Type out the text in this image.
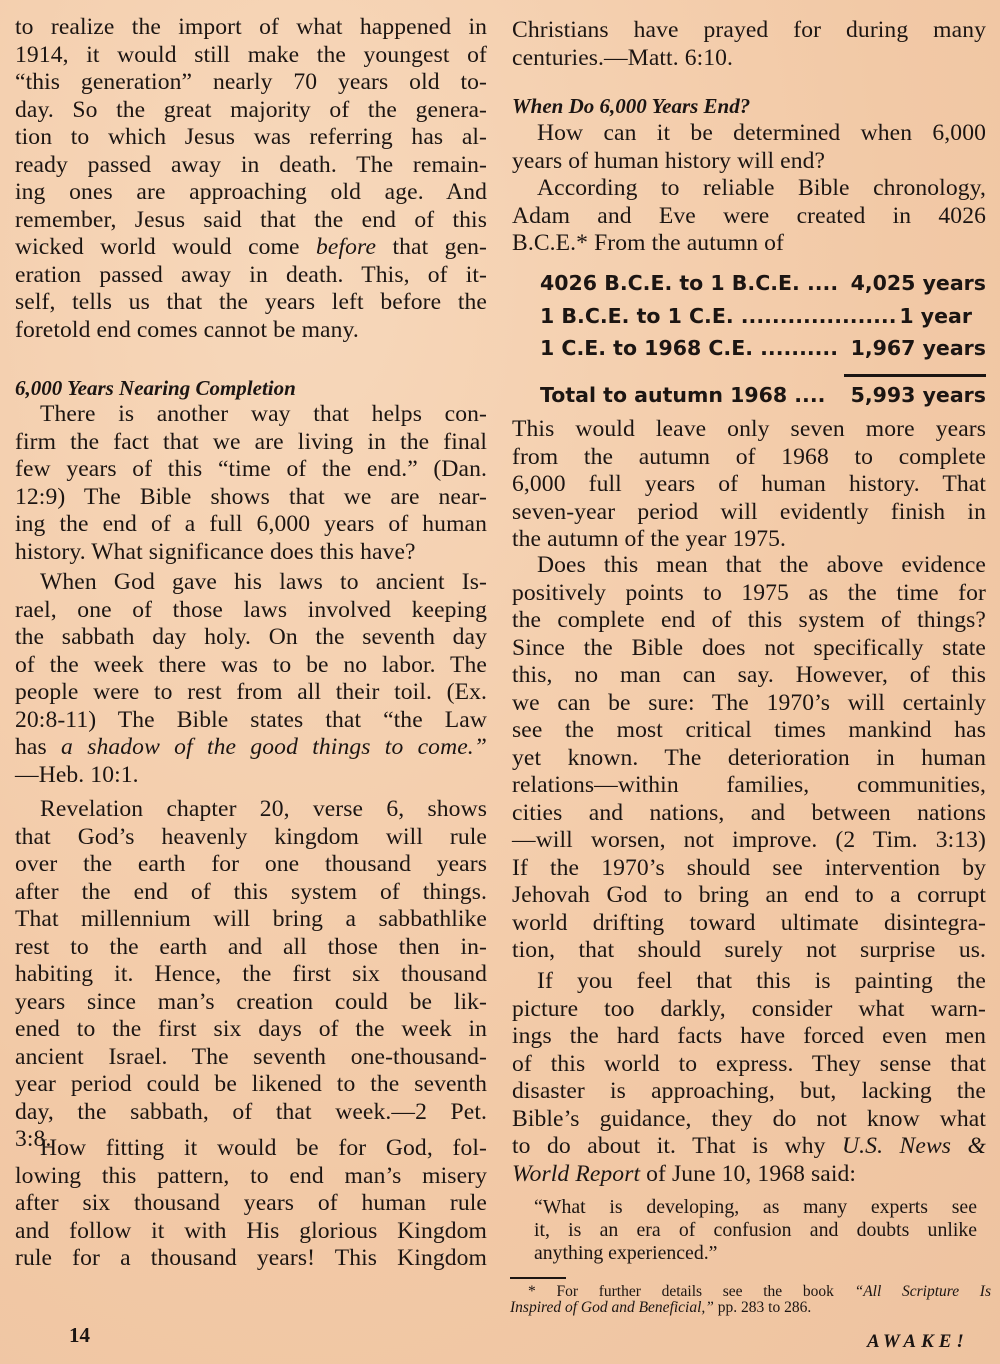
to realize the import of what happened in
1914, it would still make the youngest of
“this generation” nearly 70 years old to-
day. So the great majority of the genera-
tion to which Jesus was referring has al-
ready passed away in death. The remain-
ing ones are approaching old age. And
remember, Jesus said that the end of this
wicked world would come before that gen-
eration passed away in death. This, of it-
self, tells us that the years left before the
foretold end comes cannot be many.
6,000 Years Nearing Completion
There is another way that helps con-
firm the fact that we are living in the final
few years of this “time of the end.” (Dan.
12:9) The Bible shows that we are near-
ing the end of a full 6,000 years of human
history. What significance does this have?
When God gave his laws to ancient Is-
rael, one of those laws involved keeping
the sabbath day holy. On the seventh day
of the week there was to be no labor. The
people were to rest from all their toil. (Ex.
20:8-11) The Bible states that “the Law
has a shadow of the good things to come.”
—Heb. 10:1.
Revelation chapter 20, verse 6, shows
that God’s heavenly kingdom will rule
over the earth for one thousand years
after the end of this system of things.
That millennium will bring a sabbathlike
rest to the earth and all those then in-
habiting it. Hence, the first six thousand
years since man’s creation could be lik-
ened to the first six days of the week in
ancient Israel. The seventh one-thousand-
year period could be likened to the seventh
day, the sabbath, of that week.—2 Pet.
3:8.
How fitting it would be for God, fol-
lowing this pattern, to end man’s misery
after six thousand years of human rule
and follow it with His glorious Kingdom
rule for a thousand years! This Kingdom
Christians have prayed for during many
centuries.—Matt. 6:10.
When Do 6,000 Years End?
How can it be determined when 6,000
years of human history will end?
According to reliable Bible chronology,
Adam and Eve were created in 4026
B.C.E.* From the autumn of
4026 B.C.E. to 1 B.C.E. .... 4,025 years
1 B.C.E. to 1 C.E. .................... 1 year
1 C.E. to 1968 C.E. .......... 1,967 years
Total to autumn 1968 .... 5,993 years
This would leave only seven more years
from the autumn of 1968 to complete
6,000 full years of human history. That
seven-year period will evidently finish in
the autumn of the year 1975.
Does this mean that the above evidence
positively points to 1975 as the time for
the complete end of this system of things?
Since the Bible does not specifically state
this, no man can say. However, of this
we can be sure: The 1970’s will certainly
see the most critical times mankind has
yet known. The deterioration in human
relations—within families, communities,
cities and nations, and between nations
—will worsen, not improve. (2 Tim. 3:13)
If the 1970’s should see intervention by
Jehovah God to bring an end to a corrupt
world drifting toward ultimate disintegra-
tion, that should surely not surprise us.
If you feel that this is painting the
picture too darkly, consider what warn-
ings the hard facts have forced even men
of this world to express. They sense that
disaster is approaching, but, lacking the
Bible’s guidance, they do not know what
to do about it. That is why U.S. News &
World Report of June 10, 1968 said:
“What is developing, as many experts see
it, is an era of confusion and doubts unlike
anything experienced.”
* For further details see the book “All Scripture Is
Inspired of God and Beneficial,” pp. 283 to 286.
14	AWAKE!
